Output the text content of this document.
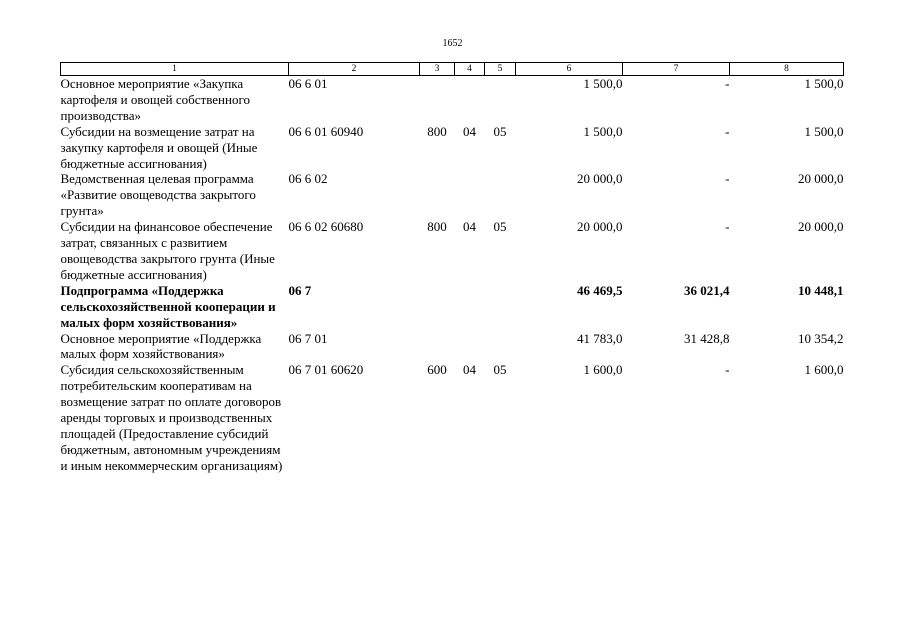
1652
1	2	3	4	5	6	7	8
Основное мероприятие «Закупка картофеля и овощей собственного производства»	06 6 01				1 500,0	-	1 500,0
Субсидии на возмещение затрат на закупку картофеля и овощей (Иные бюджетные ассигнования)	06 6 01 60940	800	04	05	1 500,0	-	1 500,0
Ведомственная целевая программа «Развитие овощеводства закрытого грунта»	06 6 02				20 000,0	-	20 000,0
Субсидии на финансовое обеспечение затрат, связанных с развитием овощеводства закрытого грунта (Иные бюджетные ассигнования)	06 6 02 60680	800	04	05	20 000,0	-	20 000,0
Подпрограмма «Поддержка сельскохозяйственной кооперации и малых форм хозяйствования»	06 7				46 469,5	36 021,4	10 448,1
Основное мероприятие «Поддержка малых форм хозяйствования»	06 7 01				41 783,0	31 428,8	10 354,2
Субсидия сельскохозяйственным потребительским кооперативам на возмещение затрат по оплате договоров аренды торговых и производственных площадей (Предоставление субсидий бюджетным, автономным учреждениям и иным некоммерческим организациям)	06 7 01 60620	600	04	05	1 600,0	-	1 600,0
